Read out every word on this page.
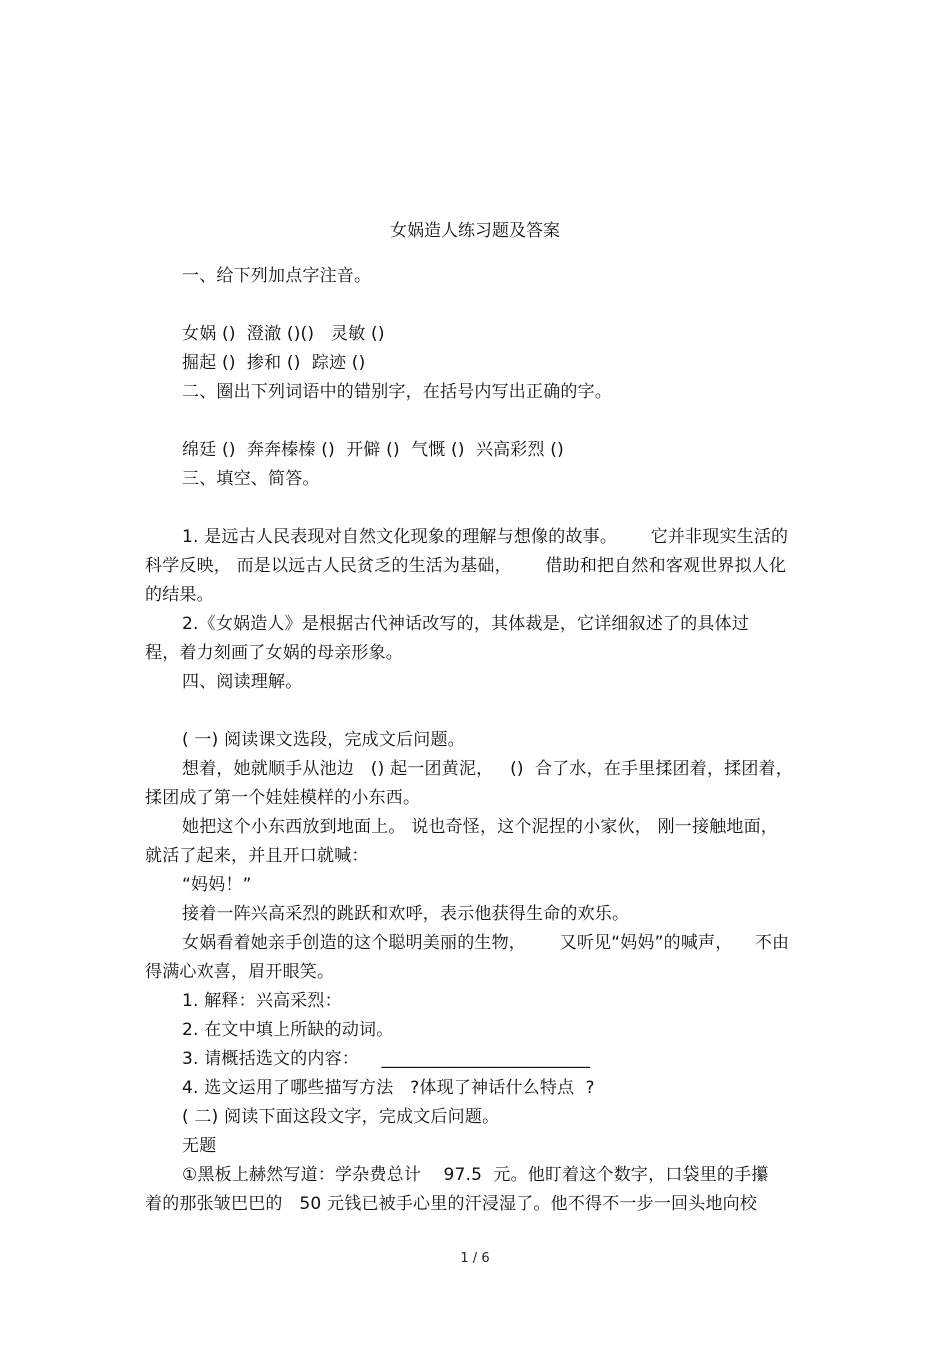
女娲造人练习题及答案
一、给下列加点字注音。
女娲 ()  澄澈 ()()   灵敏 ()
掘起 ()  掺和 ()  踪迹 ()
二、圈出下列词语中的错别字，在括号内写出正确的字。
绵廷 ()  奔奔榛榛 ()  开僻 ()  气慨 ()  兴高彩烈 ()
三、填空、简答。
1. 是远古人民表现对自然文化现象的理解与想像的故事。      它并非现实生活的
科学反映， 而是以远古人民贫乏的生活为基础，      借助和把自然和客观世界拟人化
的结果。
2.《女娲造人》是根据古代神话改写的，其体裁是，它详细叙述了的具体过
程，着力刻画了女娲的母亲形象。
四、阅读理解。
( 一) 阅读课文选段，完成文后问题。
想着，她就顺手从池边   () 起一团黄泥，   ()  合了水，在手里揉团着，揉团着，
揉团成了第一个娃娃模样的小东西。
她把这个小东西放到地面上。 说也奇怪，这个泥捏的小家伙， 刚一接触地面，
就活了起来，并且开口就喊：
“妈妈！”
接着一阵兴高采烈的跳跃和欢呼，表示他获得生命的欢乐。
女娲看着她亲手创造的这个聪明美丽的生物，      又听见“妈妈”的喊声，    不由
得满心欢喜，眉开眼笑。
1. 解释：兴高采烈：
2. 在文中填上所缺的动词。
3. 请概括选文的内容：    ________________________
4. 选文运用了哪些描写方法   ?体现了神话什么特点  ?
( 二) 阅读下面这段文字，完成文后问题。
无题
①黑板上赫然写道：学杂费总计    97.5  元。他盯着这个数字，口袋里的手攥
着的那张皱巴巴的   50 元钱已被手心里的汗浸湿了。他不得不一步一回头地向校
1 / 6
